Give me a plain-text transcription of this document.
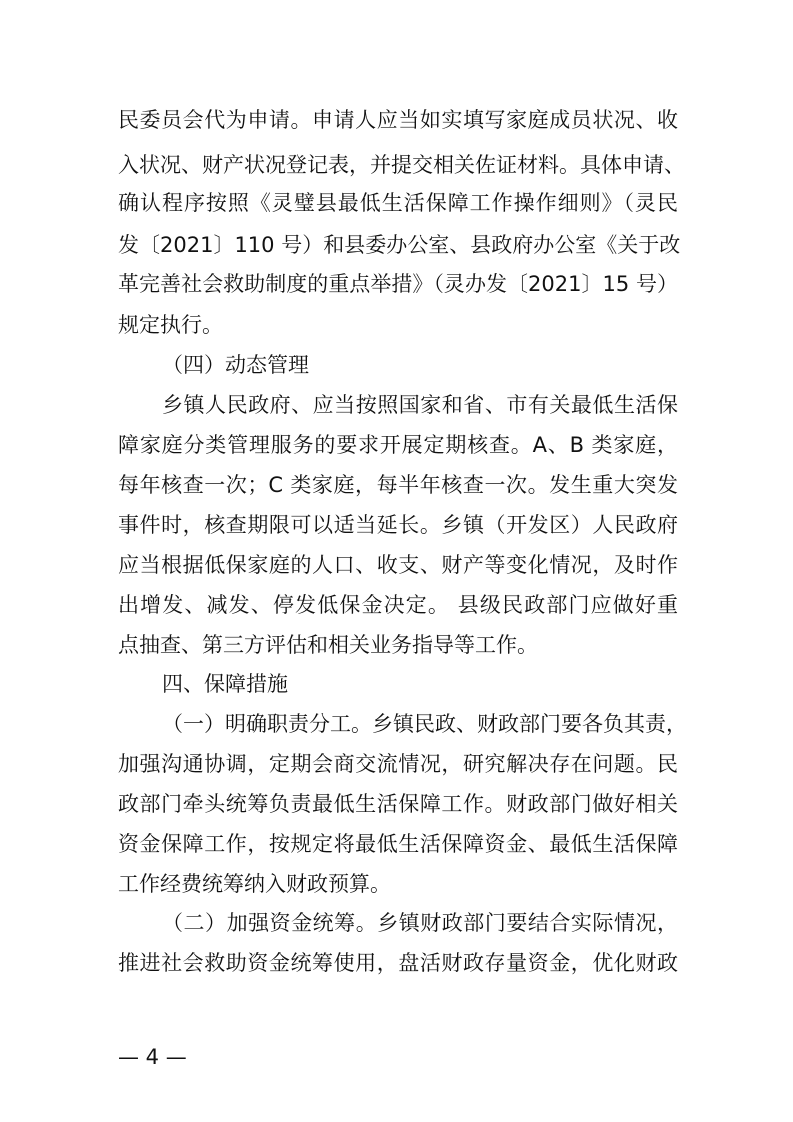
民委员会代为申请。申请人应当如实填写家庭成员状况、收
入状况、财产状况登记表，并提交相关佐证材料。具体申请、
确认程序按照《灵璧县最低生活保障工作操作细则》（灵民
发〔2021〕110 号）和县委办公室、县政府办公室《关于改
革完善社会救助制度的重点举措》（灵办发〔2021〕15 号）
规定执行。
（四）动态管理
乡镇人民政府、应当按照国家和省、市有关最低生活保
障家庭分类管理服务的要求开展定期核查。A、B 类家庭，
每年核查一次；C 类家庭，每半年核查一次。发生重大突发
事件时，核查期限可以适当延长。乡镇（开发区）人民政府
应当根据低保家庭的人口、收支、财产等变化情况，及时作
出增发、减发、停发低保金决定。 县级民政部门应做好重
点抽查、第三方评估和相关业务指导等工作。
四、保障措施
（一）明确职责分工。乡镇民政、财政部门要各负其责，
加强沟通协调，定期会商交流情况，研究解决存在问题。民
政部门牵头统筹负责最低生活保障工作。财政部门做好相关
资金保障工作，按规定将最低生活保障资金、最低生活保障
工作经费统筹纳入财政预算。
（二）加强资金统筹。乡镇财政部门要结合实际情况，
推进社会救助资金统筹使用，盘活财政存量资金，优化财政
— 4 —
